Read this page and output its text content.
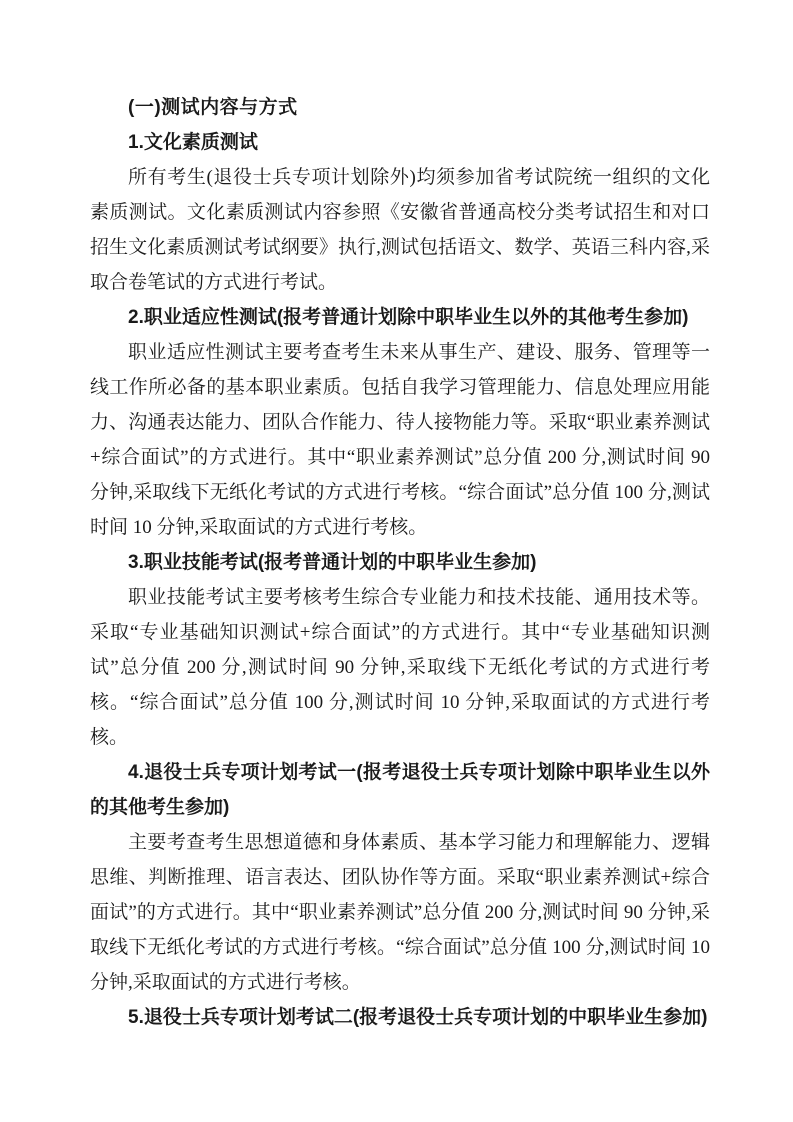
(一)测试内容与方式
1.文化素质测试

所有考生(退役士兵专项计划除外)均须参加省考试院统一组织的文化素质测试。文化素质测试内容参照《安徽省普通高校分类考试招生和对口招生文化素质测试考试纲要》执行,测试包括语文、数学、英语三科内容,采取合卷笔试的方式进行考试。

2.职业适应性测试(报考普通计划除中职毕业生以外的其他考生参加)

职业适应性测试主要考查考生未来从事生产、建设、服务、管理等一线工作所必备的基本职业素质。包括自我学习管理能力、信息处理应用能力、沟通表达能力、团队合作能力、待人接物能力等。采取“职业素养测试+综合面试”的方式进行。其中“职业素养测试”总分值 200 分,测试时间 90 分钟,采取线下无纸化考试的方式进行考核。“综合面试”总分值 100 分,测试时间 10 分钟,采取面试的方式进行考核。

3.职业技能考试(报考普通计划的中职毕业生参加)

职业技能考试主要考核考生综合专业能力和技术技能、通用技术等。采取“专业基础知识测试+综合面试”的方式进行。其中“专业基础知识测试”总分值 200 分,测试时间 90 分钟,采取线下无纸化考试的方式进行考核。“综合面试”总分值 100 分,测试时间 10 分钟,采取面试的方式进行考核。

4.退役士兵专项计划考试一(报考退役士兵专项计划除中职毕业生以外的其他考生参加)

主要考查考生思想道德和身体素质、基本学习能力和理解能力、逻辑思维、判断推理、语言表达、团队协作等方面。采取“职业素养测试+综合面试”的方式进行。其中“职业素养测试”总分值 200 分,测试时间 90 分钟,采取线下无纸化考试的方式进行考核。“综合面试”总分值 100 分,测试时间 10 分钟,采取面试的方式进行考核。

5.退役士兵专项计划考试二(报考退役士兵专项计划的中职毕业生参加)
